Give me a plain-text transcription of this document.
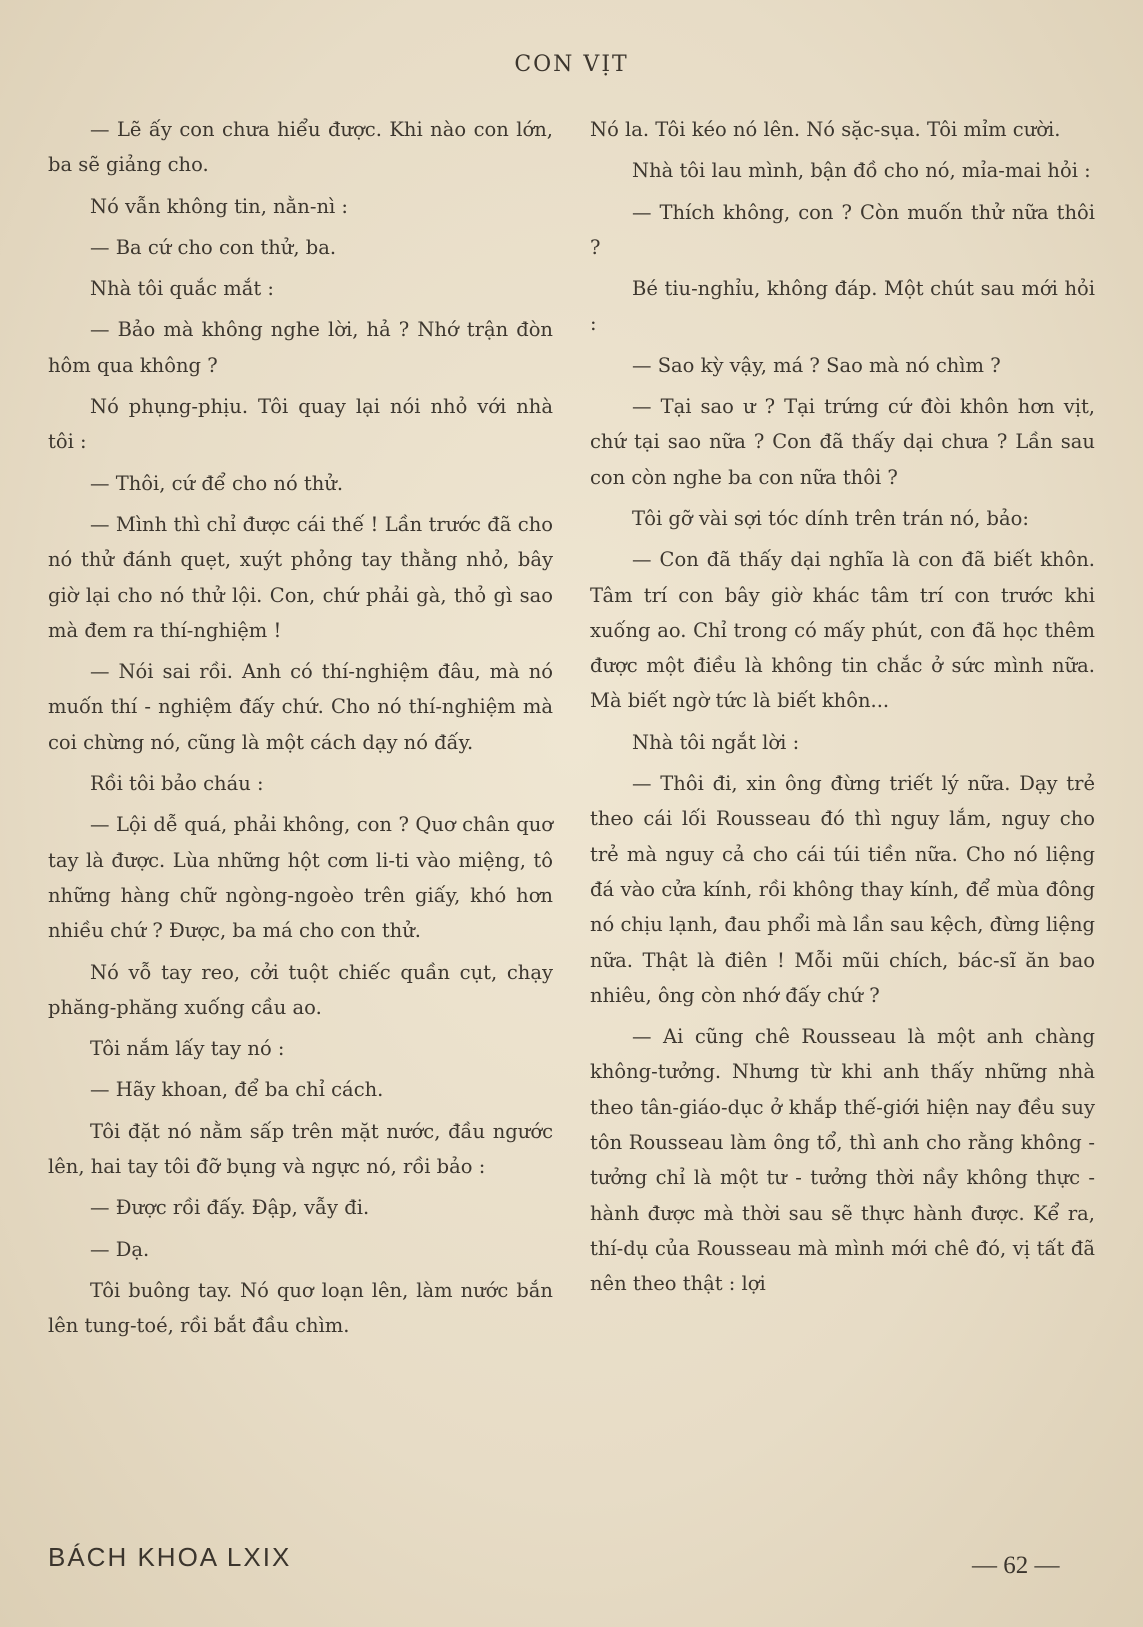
CON VỊT

— Lẽ ấy con chưa hiểu được. Khi nào con lớn, ba sẽ giảng cho.

Nó vẫn không tin, nằn-nì :

— Ba cứ cho con thử, ba.

Nhà tôi quắc mắt :

— Bảo mà không nghe lời, hả ? Nhớ trận đòn hôm qua không ?

Nó phụng-phịu. Tôi quay lại nói nhỏ với nhà tôi :

— Thôi, cứ để cho nó thử.

— Mình thì chỉ được cái thế ! Lần trước đã cho nó thử đánh quẹt, xuýt phỏng tay thằng nhỏ, bây giờ lại cho nó thử lội. Con, chứ phải gà, thỏ gì sao mà đem ra thí-nghiệm !

— Nói sai rồi. Anh có thí-nghiệm đâu, mà nó muốn thí - nghiệm đấy chứ. Cho nó thí-nghiệm mà coi chừng nó, cũng là một cách dạy nó đấy.

Rồi tôi bảo cháu :

— Lội dễ quá, phải không, con ? Quơ chân quơ tay là được. Lùa những hột cơm li-ti vào miệng, tô những hàng chữ ngòng-ngoèo trên giấy, khó hơn nhiều chứ ? Được, ba má cho con thử.

Nó vỗ tay reo, cởi tuột chiếc quần cụt, chạy phăng-phăng xuống cầu ao.

Tôi nắm lấy tay nó :

— Hãy khoan, để ba chỉ cách.

Tôi đặt nó nằm sấp trên mặt nước, đầu ngước lên, hai tay tôi đỡ bụng và ngực nó, rồi bảo :

— Được rồi đấy. Đập, vẫy đi.

— Dạ.

Tôi buông tay. Nó quơ loạn lên, làm nước bắn lên tung-toé, rồi bắt đầu chìm.

Nó la. Tôi kéo nó lên. Nó sặc-sụa. Tôi mỉm cười.

Nhà tôi lau mình, bận đồ cho nó, mỉa-mai hỏi :

— Thích không, con ? Còn muốn thử nữa thôi ?

Bé tiu-nghỉu, không đáp. Một chút sau mới hỏi :

— Sao kỳ vậy, má ? Sao mà nó chìm ?

— Tại sao ư ? Tại trứng cứ đòi khôn hơn vịt, chứ tại sao nữa ? Con đã thấy dại chưa ? Lần sau con còn nghe ba con nữa thôi ?

Tôi gỡ vài sợi tóc dính trên trán nó, bảo:

— Con đã thấy dại nghĩa là con đã biết khôn. Tâm trí con bây giờ khác tâm trí con trước khi xuống ao. Chỉ trong có mấy phút, con đã học thêm được một điều là không tin chắc ở sức mình nữa. Mà biết ngờ tức là biết khôn...

Nhà tôi ngắt lời :

— Thôi đi, xin ông đừng triết lý nữa. Dạy trẻ theo cái lối Rousseau đó thì nguy lắm, nguy cho trẻ mà nguy cả cho cái túi tiền nữa. Cho nó liệng đá vào cửa kính, rồi không thay kính, để mùa đông nó chịu lạnh, đau phổi mà lần sau kệch, đừng liệng nữa. Thật là điên ! Mỗi mũi chích, bác-sĩ ăn bao nhiêu, ông còn nhớ đấy chứ ?

— Ai cũng chê Rousseau là một anh chàng không-tưởng. Nhưng từ khi anh thấy những nhà theo tân-giáo-dục ở khắp thế-giới hiện nay đều suy tôn Rousseau làm ông tổ, thì anh cho rằng không - tưởng chỉ là một tư - tưởng thời nầy không thực - hành được mà thời sau sẽ thực hành được. Kể ra, thí-dụ của Rousseau mà mình mới chê đó, vị tất đã nên theo thật : lợi

BÁCH KHOA LXIX	— 62 —
